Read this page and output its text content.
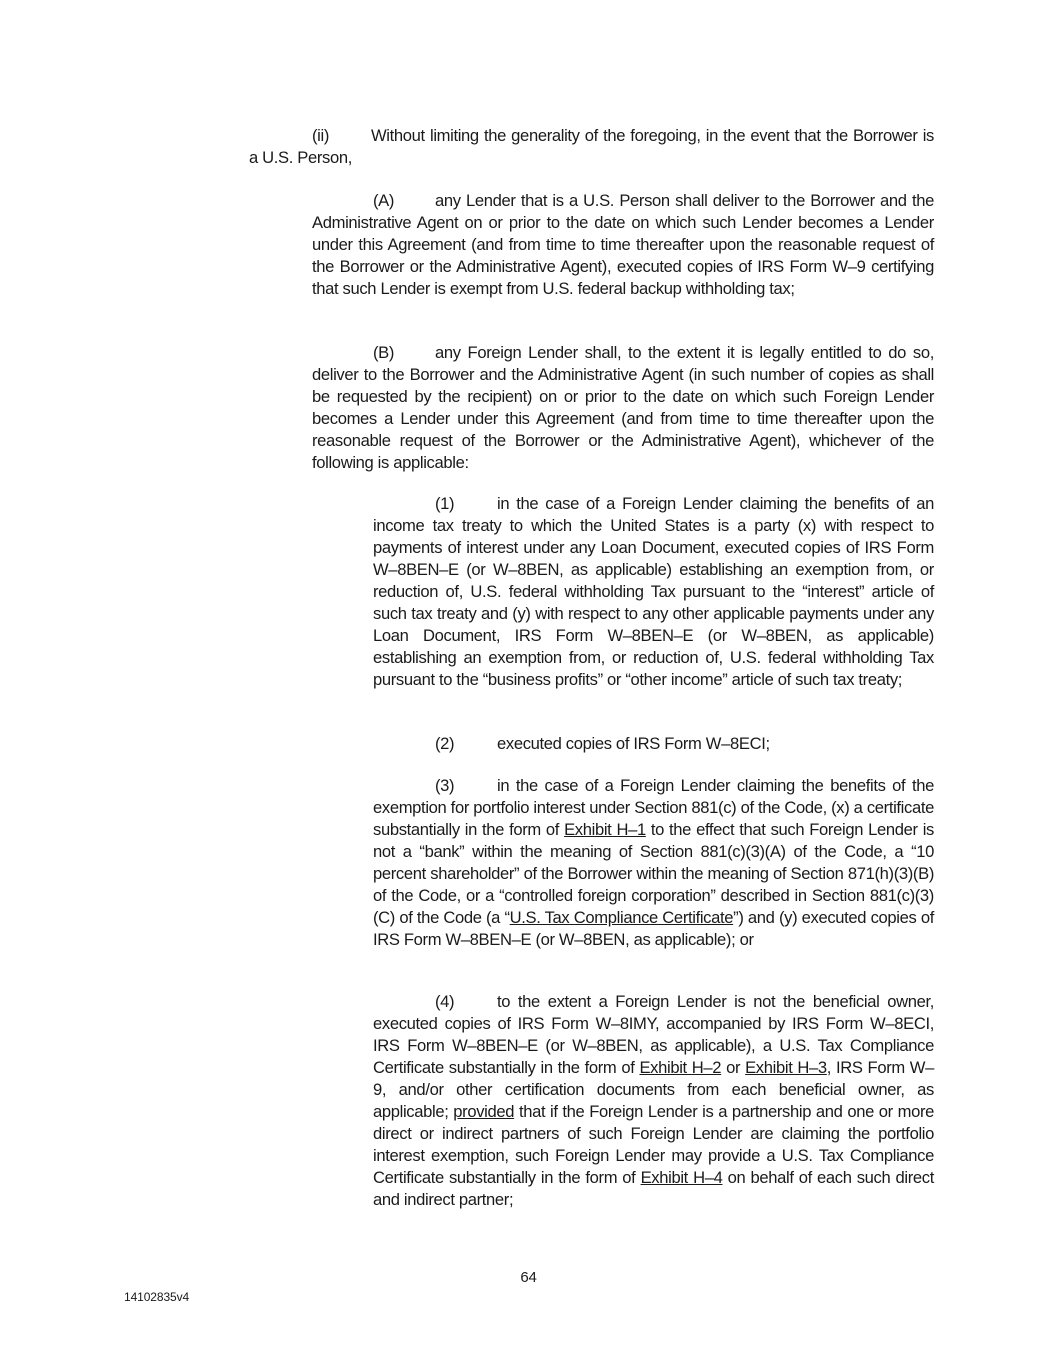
(ii)	Without limiting the generality of the foregoing, in the event that the Borrower is a U.S. Person,

(A) any Lender that is a U.S. Person shall deliver to the Borrower and the Administrative Agent on or prior to the date on which such Lender becomes a Lender under this Agreement (and from time to time thereafter upon the reasonable request of the Borrower or the Administrative Agent), executed copies of IRS Form W–9 certifying that such Lender is exempt from U.S. federal backup withholding tax;

(B) any Foreign Lender shall, to the extent it is legally entitled to do so, deliver to the Borrower and the Administrative Agent (in such number of copies as shall be requested by the recipient) on or prior to the date on which such Foreign Lender becomes a Lender under this Agreement (and from time to time thereafter upon the reasonable request of the Borrower or the Administrative Agent), whichever of the following is applicable:

(1)	in the case of a Foreign Lender claiming the benefits of an income tax treaty to which the United States is a party (x) with respect to payments of interest under any Loan Document, executed copies of IRS Form W–8BEN–E (or W–8BEN, as applicable) establishing an exemption from, or reduction of, U.S. federal withholding Tax pursuant to the “interest” article of such tax treaty and (y) with respect to any other applicable payments under any Loan Document, IRS Form W–8BEN–E (or W–8BEN, as applicable) establishing an exemption from, or reduction of, U.S. federal withholding Tax pursuant to the “business profits” or “other income” article of such tax treaty;

(2)	executed copies of IRS Form W–8ECI;

(3)	in the case of a Foreign Lender claiming the benefits of the exemption for portfolio interest under Section 881(c) of the Code, (x) a certificate substantially in the form of Exhibit H–1 to the effect that such Foreign Lender is not a “bank” within the meaning of Section 881(c)(3)(A) of the Code, a “10 percent shareholder” of the Borrower within the meaning of Section 871(h)(3)(B) of the Code, or a “controlled foreign corporation” described in Section 881(c)(3)(C) of the Code (a “U.S. Tax Compliance Certificate”) and (y) executed copies of IRS Form W–8BEN–E (or W–8BEN, as applicable); or

(4)	to the extent a Foreign Lender is not the beneficial owner, executed copies of IRS Form W–8IMY, accompanied by IRS Form W–8ECI, IRS Form W–8BEN–E (or W–8BEN, as applicable), a U.S. Tax Compliance Certificate substantially in the form of Exhibit H–2 or Exhibit H–3, IRS Form W–9, and/or other certification documents from each beneficial owner, as applicable; provided that if the Foreign Lender is a partnership and one or more direct or indirect partners of such Foreign Lender are claiming the portfolio interest exemption, such Foreign Lender may provide a U.S. Tax Compliance Certificate substantially in the form of Exhibit H–4 on behalf of each such direct and indirect partner;

64
14102835v4
